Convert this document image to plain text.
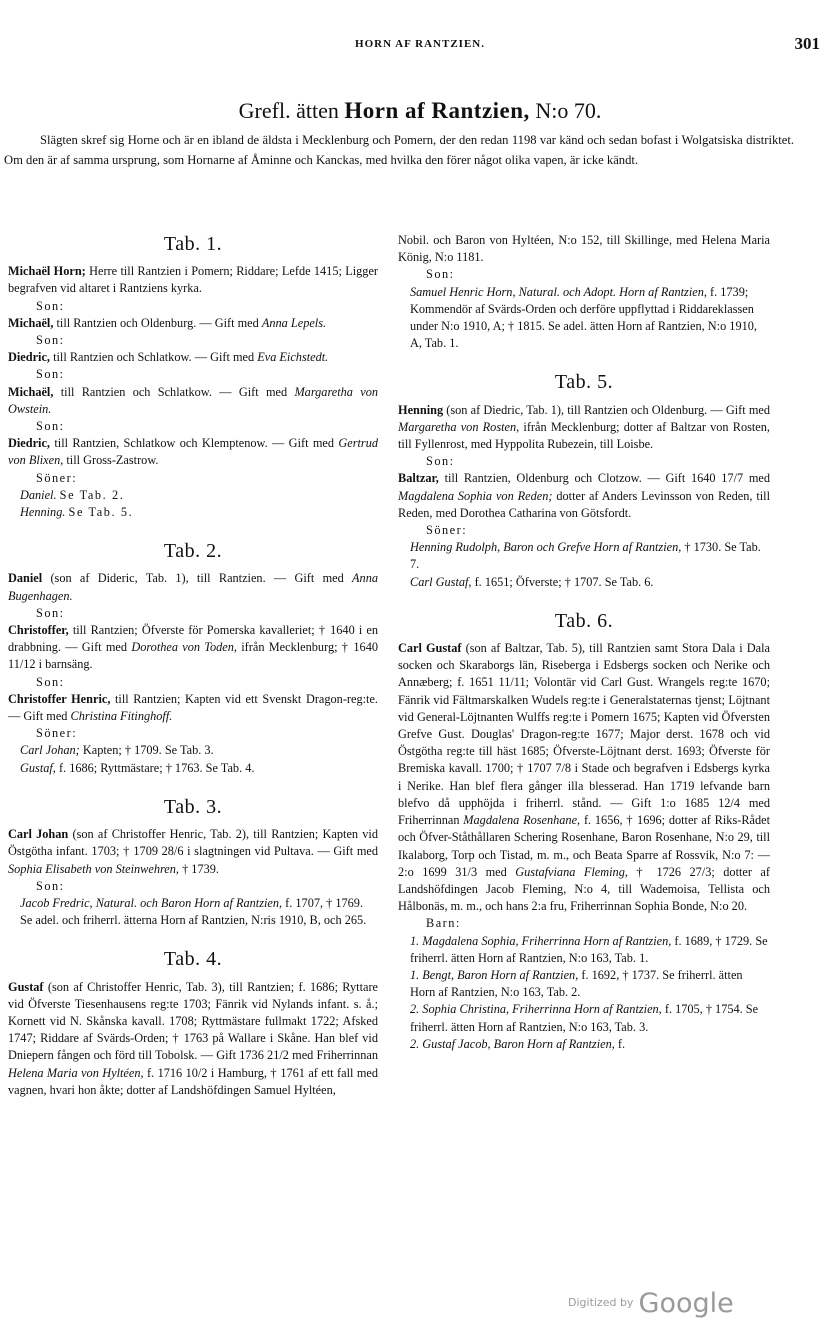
HORN AF RANTZIEN.	301
Grefl. ätten Horn af Rantzien, N:o 70.

Slägten skref sig Horne och är en ibland de äldsta i Mecklenburg och Pomern, der den redan 1198 var känd och sedan bofast i Wolgatsiska distriktet. Om den är af samma ursprung, som Hornarne af Åminne och Kanckas, med hvilka den förer något olika vapen, är icke kändt.

Tab. 1.

Michaël Horn; Herre till Rantzien i Pomern; Riddare; Lefde 1415; Ligger begrafven vid altaret i Rantziens kyrka.

Son:

Michaël, till Rantzien och Oldenburg. — Gift med Anna Lepels.

Son:

Diedric, till Rantzien och Schlatkow. — Gift med Eva Eichstedt.

Son:

Michaël, till Rantzien och Schlatkow. — Gift med Margaretha von Owstein.

Son:

Diedric, till Rantzien, Schlatkow och Klemptenow. — Gift med Gertrud von Blixen, till Gross-Zastrow.

Söner:

Daniel. Se Tab. 2.

Henning. Se Tab. 5.

Tab. 2.

Daniel (son af Dideric, Tab. 1), till Rantzien. — Gift med Anna Bugenhagen.

Son:

Christoffer, till Rantzien; Öfverste för Pomerska kavalleriet; † 1640 i en drabbning. — Gift med Dorothea von Toden, ifrån Mecklenburg; † 1640 11/12 i barnsäng.

Son:

Christoffer Henric, till Rantzien; Kapten vid ett Svenskt Dragon-reg:te. — Gift med Christina Fitinghoff.

Söner:

Carl Johan; Kapten; † 1709. Se Tab. 3.

Gustaf, f. 1686; Ryttmästare; † 1763. Se Tab. 4.

Tab. 3.

Carl Johan (son af Christoffer Henric, Tab. 2), till Rantzien; Kapten vid Östgötha infant. 1703; † 1709 28/6 i slagtningen vid Pultava. — Gift med Sophia Elisabeth von Steinwehren, † 1739.

Son:

Jacob Fredric, Natural. och Baron Horn af Rantzien, f. 1707, † 1769. Se adel. och friherrl. ätterna Horn af Rantzien, N:ris 1910, B, och 265.

Tab. 4.

Gustaf (son af Christoffer Henric, Tab. 3), till Rantzien; f. 1686; Ryttare vid Öfverste Tiesenhausens reg:te 1703; Fänrik vid Nylands infant. s. å.; Kornett vid N. Skånska kavall. 1708; Ryttmästare fullmakt 1722; Afsked 1747; Riddare af Svärds-Orden; † 1763 på Wallare i Skåne. Han blef vid Dniepern fången och förd till Tobolsk. — Gift 1736 21/2 med Friherrinnan Helena Maria von Hyltéen, f. 1716 10/2 i Hamburg, † 1761 af ett fall med vagnen, hvari hon åkte; dotter af Landshöfdingen Samuel Hyltéen,

Nobil. och Baron von Hyltéen, N:o 152, till Skillinge, med Helena Maria König, N:o 1181.

Son:

Samuel Henric Horn, Natural. och Adopt. Horn af Rantzien, f. 1739; Kommendör af Svärds-Orden och derföre uppflyttad i Riddareklassen under N:o 1910, A; † 1815. Se adel. ätten Horn af Rantzien, N:o 1910, A, Tab. 1.

Tab. 5.

Henning (son af Diedric, Tab. 1), till Rantzien och Oldenburg. — Gift med Margaretha von Rosten, ifrån Mecklenburg; dotter af Baltzar von Rosten, till Fyllenrost, med Hyppolita Rubezein, till Loisbe.

Son:

Baltzar, till Rantzien, Oldenburg och Clotzow. — Gift 1640 17/7 med Magdalena Sophia von Reden; dotter af Anders Levinsson von Reden, till Reden, med Dorothea Catharina von Götsfordt.

Söner:

Henning Rudolph, Baron och Grefve Horn af Rantzien, † 1730. Se Tab. 7.

Carl Gustaf, f. 1651; Öfverste; † 1707. Se Tab. 6.

Tab. 6.

Carl Gustaf (son af Baltzar, Tab. 5), till Rantzien samt Stora Dala i Dala socken och Skaraborgs län, Riseberga i Edsbergs socken och Nerike och Annæberg; f. 1651 11/11; Volontär vid Carl Gust. Wrangels reg:te 1670; Fänrik vid Fältmarskalken Wudels reg:te i Generalstaternas tjenst; Löjtnant vid General-Löjtnanten Wulffs reg:te i Pomern 1675; Kapten vid Öfversten Grefve Gust. Douglas' Dragon-reg:te 1677; Major derst. 1678 och vid Östgötha reg:te till häst 1685; Öfverste-Löjtnant derst. 1693; Öfverste för Bremiska kavall. 1700; † 1707 7/8 i Stade och begrafven i Edsbergs kyrka i Nerike. Han blef flera gånger illa blesserad. Han 1719 lefvande barn blefvo då upphöjda i friherrl. stånd. — Gift 1:o 1685 12/4 med Friherrinnan Magdalena Rosenhane, f. 1656, † 1696; dotter af Riks-Rådet och Öfver-Ståthållaren Schering Rosenhane, Baron Rosenhane, N:o 29, till Ikalaborg, Torp och Tistad, m. m., och Beata Sparre af Rossvik, N:o 7: — 2:o 1699 31/3 med Gustafviana Fleming, † 1726 27/3; dotter af Landshöfdingen Jacob Fleming, N:o 4, till Wademoisa, Tellista och Hålbonäs, m. m., och hans 2:a fru, Friherrinnan Sophia Bonde, N:o 20.

Barn:

1. Magdalena Sophia, Friherrinna Horn af Rantzien, f. 1689, † 1729. Se friherrl. ätten Horn af Rantzien, N:o 163, Tab. 1.

1. Bengt, Baron Horn af Rantzien, f. 1692, † 1737. Se friherrl. ätten Horn af Rantzien, N:o 163, Tab. 2.

2. Sophia Christina, Friherrinna Horn af Rantzien, f. 1705, † 1754. Se friherrl. ätten Horn af Rantzien, N:o 163, Tab. 3.

2. Gustaf Jacob, Baron Horn af Rantzien, f.

$^{Digitized by}$ Google
